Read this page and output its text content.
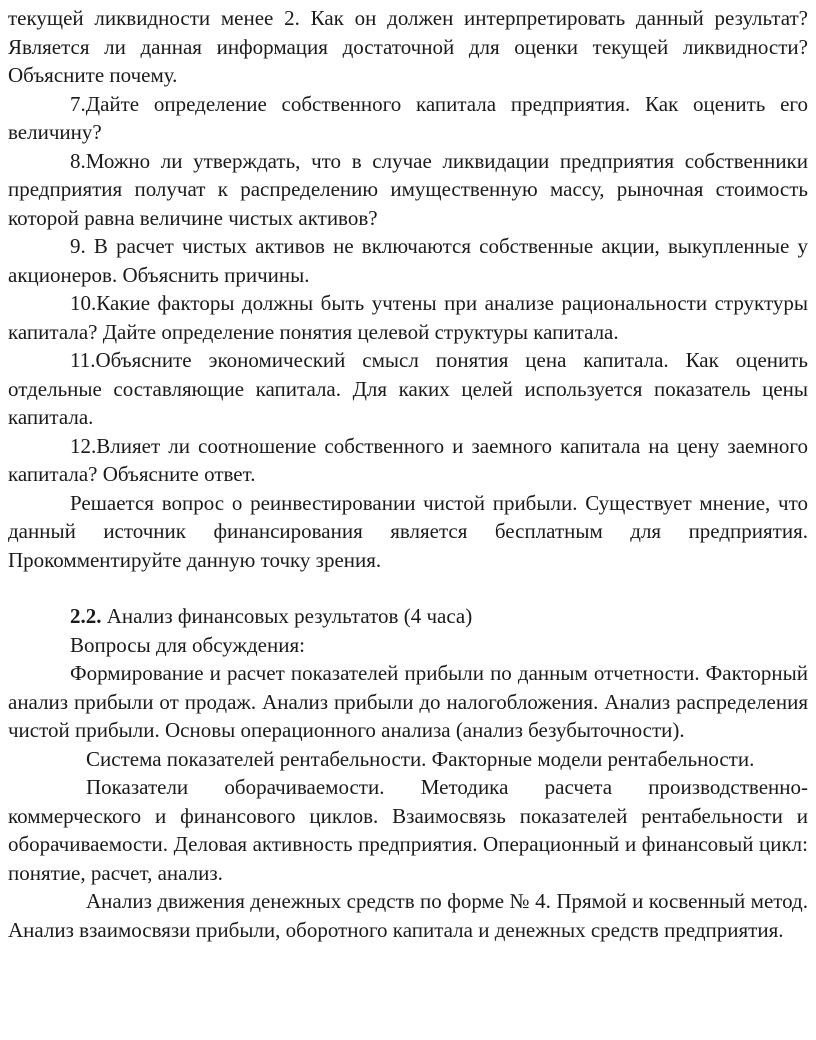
текущей ликвидности менее 2. Как он должен интерпретировать данный результат? Является ли данная информация достаточной для оценки текущей ликвидности? Объясните почему.

7.Дайте определение собственного капитала предприятия. Как оценить его величину?

8.Можно ли утверждать, что в случае ликвидации предприятия собственники предприятия получат к распределению имущественную массу, рыночная стоимость которой равна величине чистых активов?

9. В расчет чистых активов не включаются собственные акции, выкупленные у акционеров. Объяснить причины.

10.Какие факторы должны быть учтены при анализе рациональности структуры капитала? Дайте определение понятия целевой структуры капитала.

11.Объясните экономический смысл понятия цена капитала. Как оценить отдельные составляющие капитала. Для каких целей используется показатель цены капитала.

12.Влияет ли соотношение собственного и заемного капитала на цену заемного капитала? Объясните ответ.

Решается вопрос о реинвестировании чистой прибыли. Существует мнение, что данный источник финансирования является бесплатным для предприятия. Прокомментируйте данную точку зрения.

2.2. Анализ финансовых результатов (4 часа) Вопросы для обсуждения:

Формирование и расчет показателей прибыли по данным отчетности. Факторный анализ прибыли от продаж. Анализ прибыли до налогобложения. Анализ распределения чистой прибыли. Основы операционного анализа (анализ безубыточности).

Система показателей рентабельности. Факторные модели рентабельности.

Показатели оборачиваемости. Методика расчета производственно-коммерческого и финансового циклов. Взаимосвязь показателей рентабельности и оборачиваемости. Деловая активность предприятия. Операционный и финансовый цикл: понятие, расчет, анализ.

Анализ движения денежных средств по форме № 4. Прямой и косвенный метод. Анализ взаимосвязи прибыли, оборотного капитала и денежных средств предприятия.
